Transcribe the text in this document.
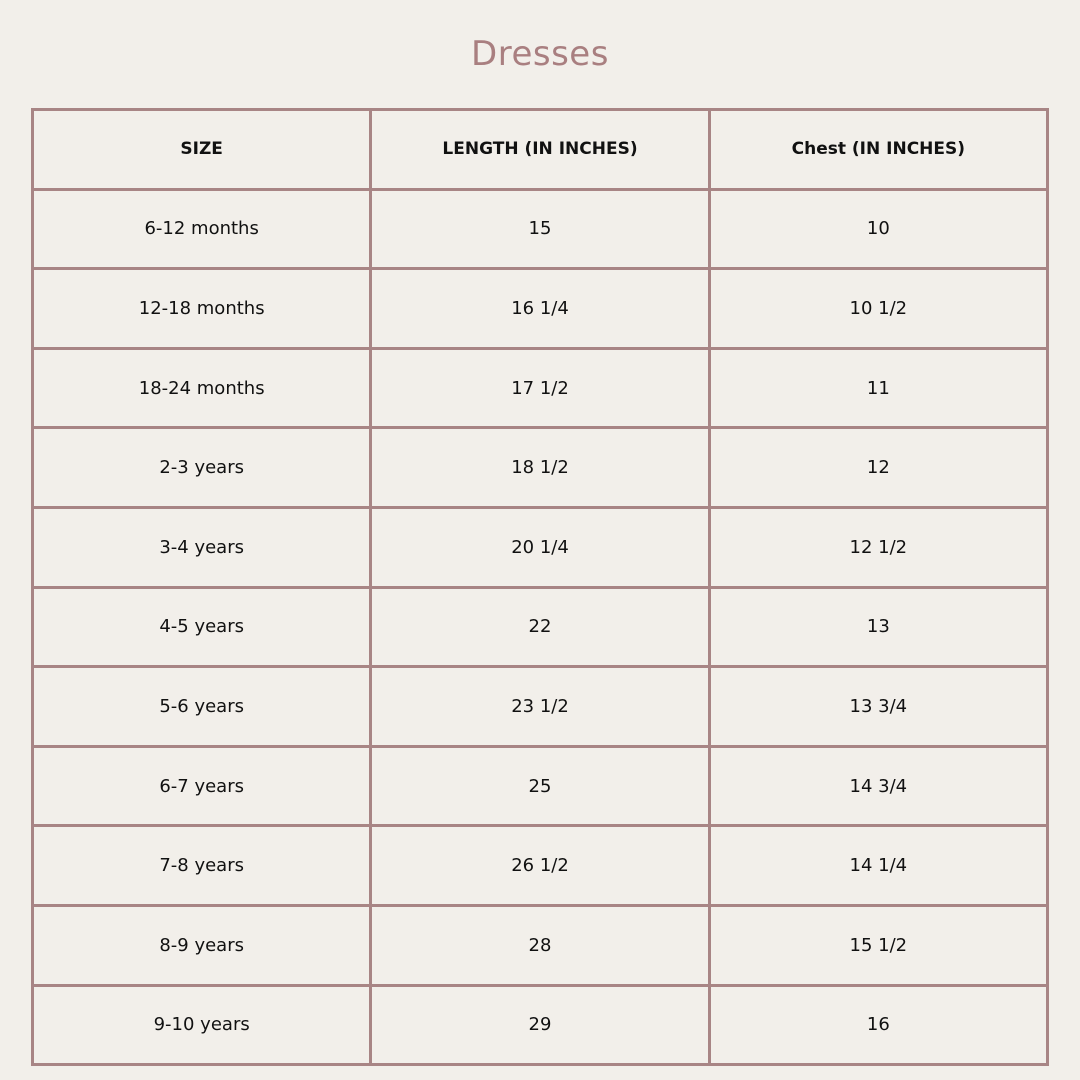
Dresses
SIZE	LENGTH (IN INCHES)	Chest (IN INCHES)
6-12 months	15	10
12-18 months	16 1/4	10 1/2
18-24 months	17 1/2	11
2-3 years	18 1/2	12
3-4 years	20 1/4	12 1/2
4-5 years	22	13
5-6 years	23 1/2	13 3/4
6-7 years	25	14 3/4
7-8 years	26 1/2	14 1/4
8-9 years	28	15 1/2
9-10 years	29	16
